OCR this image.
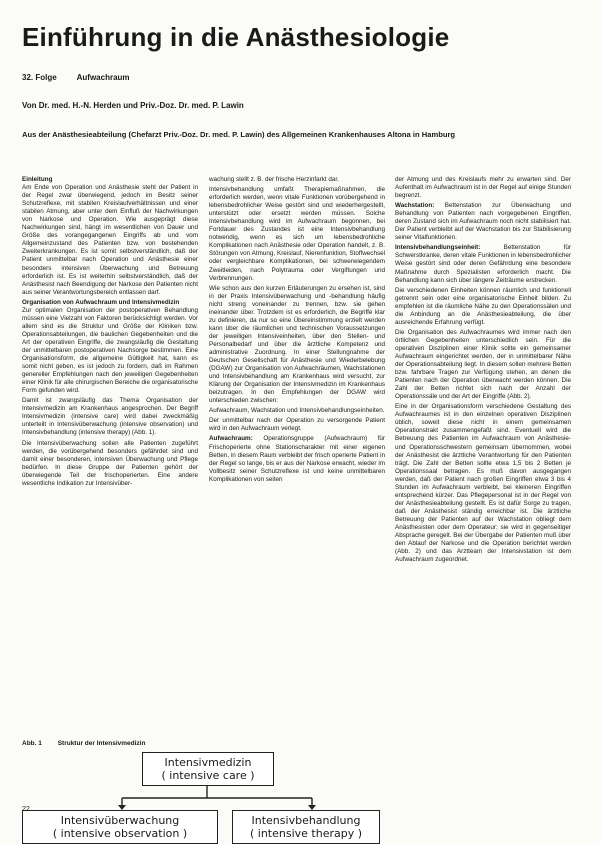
Einführung in die Anästhesiologie
32. Folge Aufwachraum
Von Dr. med. H.-N. Herden und Priv.-Doz. Dr. med. P. Lawin
Aus der Anästhesieabteilung (Chefarzt Priv.-Doz. Dr. med. P. Lawin) des Allgemeinen Krankenhauses Altona in Hamburg
Einleitung

Am Ende von Operation und Anästhesie steht der Patient in der Regel zwar überwiegend, jedoch im Besitz seiner Schutzreflexe, mit stabilen Kreislaufverhältnissen und einer stabilen Atmung, aber unter dem Einfluß der Nachwirkungen von Narkose und Operation. Wie ausgeprägt diese Nachwirkungen sind, hängt im wesentlichen von Dauer und Größe des vorangegangenen Eingriffs ab und vom Allgemeinzustand des Patienten bzw. von bestehenden Zweiterkrankungen. Es ist somit selbstverständlich, daß der Patient unmittelbar nach Operation und Anästhesie einer besonders intensiven Überwachung und Betreuung erforderlich ist. Es ist weiterhin selbstverständlich, daß der Anästhesist nach Beendigung der Narkose den Patienten nicht aus seiner Verantwortungsbereich entlassen darf.

Organisation von Aufwachraum und Intensivmedizin

Zur optimalen Organisation der postoperativen Behandlung müssen eine Vielzahl von Faktoren berücksichtigt werden. Vor allem sind es die Struktur und Größe der Kliniken bzw. Operationsabteilungen, die baulichen Gegebenheiten und die Art der operativen Eingriffe, die zwangsläufig die Gestaltung der unmittelbaren postoperativen Nachsorge bestimmen. Eine Organisationsform, die allgemeine Gültigkeit hat, kann es somit nicht geben, es ist jedoch zu fordern, daß im Rahmen genereller Empfehlungen nach den jeweiligen Gegebenheiten einer Klinik für alle chirurgischen Bereiche die organisatorische Form gefunden wird.

Damit ist zwangsläufig das Thema Organisation der Intensivmedizin am Krankenhaus angesprochen. Der Begriff Intensivmedizin (intensive care) wird dabei zweckmäßig unterteilt in Intensivüberwachung (intensive observation) und Intensivbehandlung (intensive therapy) (Abb. 1).

Die Intensivüberwachung sollen alle Patienten zugeführt werden, die vorübergehend besonders gefährdet sind und damit einer besonderen, intensiven Überwachung und Pflege bedürfen. In diese Gruppe der Patienten gehört der überwiegende Teil der frischoperierten. Eine andere wesentliche Indikation zur Intensivüber-

wachung stellt z. B. der frische Herzinfarkt dar.

Intensivbehandlung umfaßt Therapiemaßnahmen, die erforderlich werden, wenn vitale Funktionen vorübergehend in lebensbedrohlicher Weise gestört sind und wiederhergestellt, unterstützt oder ersetzt werden müssen. Solche Intensivbehandlung wird im Aufwachraum begonnen, bei Fortdauer des Zustandes ist eine Intensivbehandlung notwendig, wenn es sich um lebensbedrohliche Komplikationen nach Anästhesie oder Operation handelt, z. B. Störungen von Atmung, Kreislauf, Nierenfunktion, Stoffwechsel oder vergleichbare Komplikationen, bei schwerwiegendem Zweitleiden, nach Polytrauma oder Vergiftungen und Verbrennungen.

Wie schon aus den kurzen Erläuterungen zu ersehen ist, sind in der Praxis Intensivüberwachung und -behandlung häufig nicht streng voneinander zu trennen, bzw. sie gehen ineinander über. Trotzdem ist es erforderlich, die Begriffe klar zu definieren, da nur so eine Übereinstimmung erzielt werden kann über die räumlichen und technischen Voraussetzungen der jeweiligen Intensiveinheiten, über den Stellen- und Personalbedarf und über die ärztliche Kompetenz und administrative Zuordnung. In einer Stellungnahme der Deutschen Gesellschaft für Anästhesie und Wiederbelebung (DGAW) zur Organisation von Aufwachräumen, Wachstationen und Intensivbehandlung am Krankenhaus wird versucht, zur Klärung der Organisation der Intensivmedizin im Krankenhaus beizutragen. In den Empfehlungen der DGAW wird unterschieden zwischen:

Aufwachraum, Wachstation und Intensivbehandlungseinheiten.

Der unmittelbar nach der Operation zu versorgende Patient wird in den Aufwachraum verlegt.

Aufwachraum: Operationsgruppe (Aufwachraum) für Frischoperierte ohne Stationscharakter mit einer eigenen Betten, in diesem Raum verbleibt der frisch operierte Patient in der Regel so lange, bis er aus der Narkose erwacht, wieder im Vollbesitz seiner Schutzreflexe ist und keine unmittelbaren Komplikationen von seiten

der Atmung und des Kreislaufs mehr zu erwarten sind. Der Aufenthalt im Aufwachraum ist in der Regel auf einige Stunden begrenzt.

Wachstation: Bettenstation zur Überwachung und Behandlung von Patienten nach vorgegebenen Eingriffen, deren Zustand sich im Aufwachraum noch nicht stabilisiert hat. Der Patient verbleibt auf der Wachstation bis zur Stabilisierung seiner Vitalfunktionen.

Intensivbehandlungseinheit:	Bettenstation für Schwerstkranke, deren vitale Funktionen in lebensbedrohlicher Weise gestört sind oder deren Gefährdung eine besondere Maßnahme durch Spezialisten erforderlich macht. Die Behandlung kann sich über längere Zeiträume erstrecken.

Die verschiedenen Einheiten können räumlich und funktionell getrennt sein oder eine organisatorische Einheit bilden. Zu empfehlen ist die räumliche Nähe zu den Operationssälen und die Anbindung an die Anästhesieabteilung, die über ausreichende Erfahrung verfügt.

Die Organisation des Aufwachraumes wird immer nach den örtlichen Gegebenheiten unterschiedlich sein. Für die operativen Disziplinen einer Klinik sollte ein gemeinsamer Aufwachraum eingerichtet werden, der in unmittelbarer Nähe der Operationsabteilung liegt. In diesem sollen mehrere Betten bzw. fahrbare Tragen zur Verfügung stehen, an denen die Patienten nach der Operation überwacht werden können. Die Zahl der Betten richtet sich nach der Anzahl der Operationssäle und der Art der Eingriffe (Abb. 2).

Eine in der Organisationsform verschiedene Gestaltung des Aufwachraumes ist in den einzelnen operativen Disziplinen üblich, soweit diese nicht in einem gemeinsamen Operationstrakt zusammengefaßt sind. Eventuell wird die Betreuung des Patienten im Aufwachraum von Anästhesie- und Operationsschwestern gemeinsam übernommen, wobei der Anästhesist die ärztliche Verantwortung für den Patienten trägt. Die Zahl der Betten sollte etwa 1,5 bis 2 Betten je Operationssaal betragen. Es muß davon ausgegangen werden, daß der Patient nach großen Eingriffen etwa 3 bis 4 Stunden im Aufwachraum verbleibt, bei kleineren Eingriffen entsprechend kürzer. Das Pflegepersonal ist in der Regel von der Anästhesieabteilung gestellt. Es ist dafür Sorge zu tragen, daß der Anästhesist ständig erreichbar ist. Die ärztliche Betreuung der Patienten auf der Wachstation obliegt dem Anästhesisten oder dem Operateur; sie wird in gegenseitiger Absprache geregelt. Bei der Übergabe der Patienten muß über den Ablauf der Narkose und die Operation berichtet werden (Abb. 2) und das Arztteam der Intensivstation ist dem Aufwachraum zugeordnet.

Abb. 1 Struktur der Intensivmedizin
Intensivmedizin
( intensive care )
Intensivüberwachung
( intensive observation )
Intensivbehandlung
( intensive therapy )
22
